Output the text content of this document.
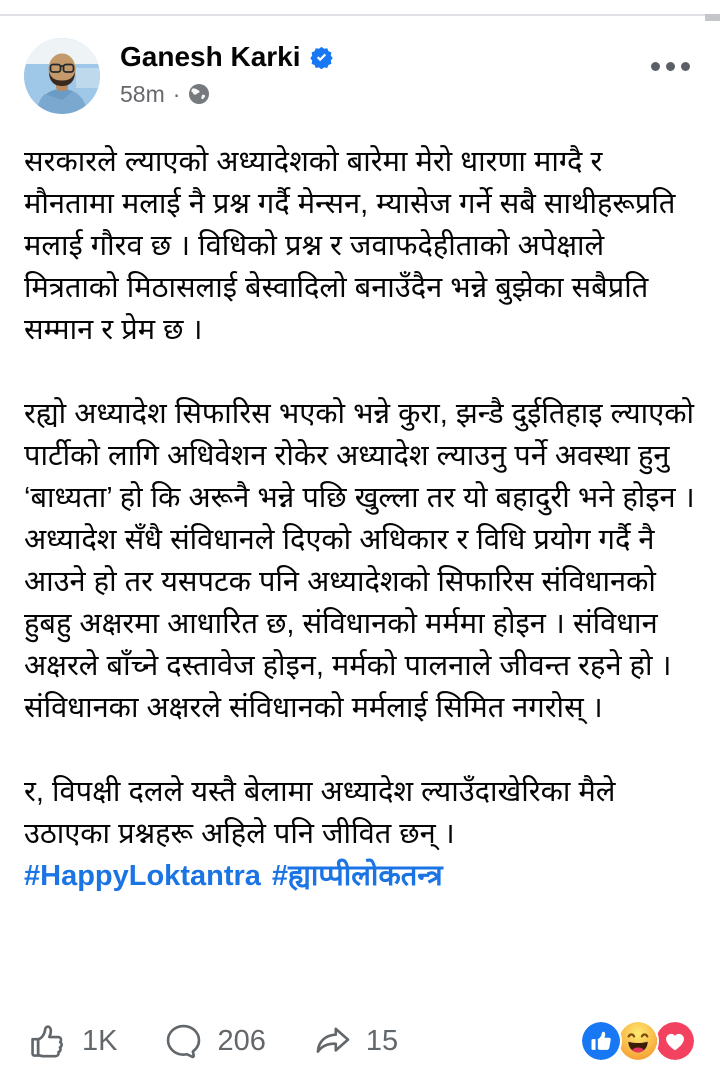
Ganesh Karki
58m ·

सरकारले ल्याएको अध्यादेशको बारेमा मेरो धारणा माग्दै र मौनतामा मलाई नै प्रश्न गर्दै मेन्सन, म्यासेज गर्ने सबै साथीहरूप्रति मलाई गौरव छ । विधिको प्रश्न र जवाफदेहीताको अपेक्षाले मित्रताको मिठासलाई बेस्वादिलो बनाउँदैन भन्ने बुझेका सबैप्रति सम्मान र प्रेम छ ।

रह्यो अध्यादेश सिफारिस भएको भन्ने कुरा, झन्डै दुईतिहाइ ल्याएको पार्टीको लागि अधिवेशन रोकेर अध्यादेश ल्याउनु पर्ने अवस्था हुनु ‘बाध्यता’ हो कि अरूनै भन्ने पछि खुल्ला तर यो बहादुरी भने होइन । अध्यादेश सँधै संविधानले दिएको अधिकार र विधि प्रयोग गर्दै नै आउने हो तर यसपटक पनि अध्यादेशको सिफारिस संविधानको हुबहु अक्षरमा आधारित छ, संविधानको मर्ममा होइन । संविधान अक्षरले बाँच्ने दस्तावेज होइन, मर्मको पालनाले जीवन्त रहने हो । संविधानका अक्षरले संविधानको मर्मलाई सिमित नगरोस् ।

र, विपक्षी दलले यस्तै बेलामा अध्यादेश ल्याउँदाखेरिका मैले उठाएका प्रश्नहरू अहिले पनि जीवित छन् ।
#HappyLoktantra #ह्याप्पीलोकतन्त्र

1K	206	15
